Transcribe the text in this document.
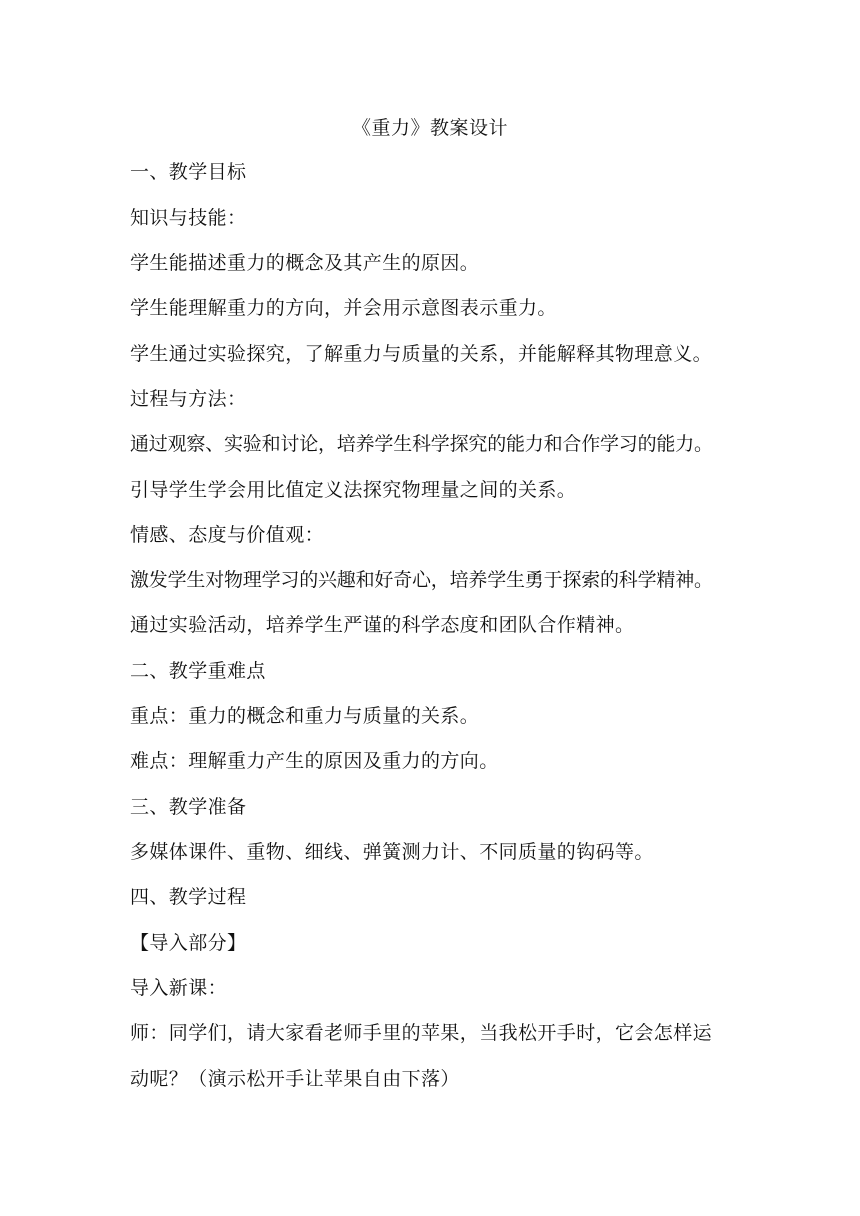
《重力》教案设计
一、教学目标
知识与技能：
学生能描述重力的概念及其产生的原因。
学生能理解重力的方向，并会用示意图表示重力。
学生通过实验探究，了解重力与质量的关系，并能解释其物理意义。
过程与方法：
通过观察、实验和讨论，培养学生科学探究的能力和合作学习的能力。
引导学生学会用比值定义法探究物理量之间的关系。
情感、态度与价值观：
激发学生对物理学习的兴趣和好奇心，培养学生勇于探索的科学精神。
通过实验活动，培养学生严谨的科学态度和团队合作精神。
二、教学重难点
重点：重力的概念和重力与质量的关系。
难点：理解重力产生的原因及重力的方向。
三、教学准备
多媒体课件、重物、细线、弹簧测力计、不同质量的钩码等。
四、教学过程
【导入部分】
导入新课：
师：同学们，请大家看老师手里的苹果，当我松开手时，它会怎样运
动呢？（演示松开手让苹果自由下落）
